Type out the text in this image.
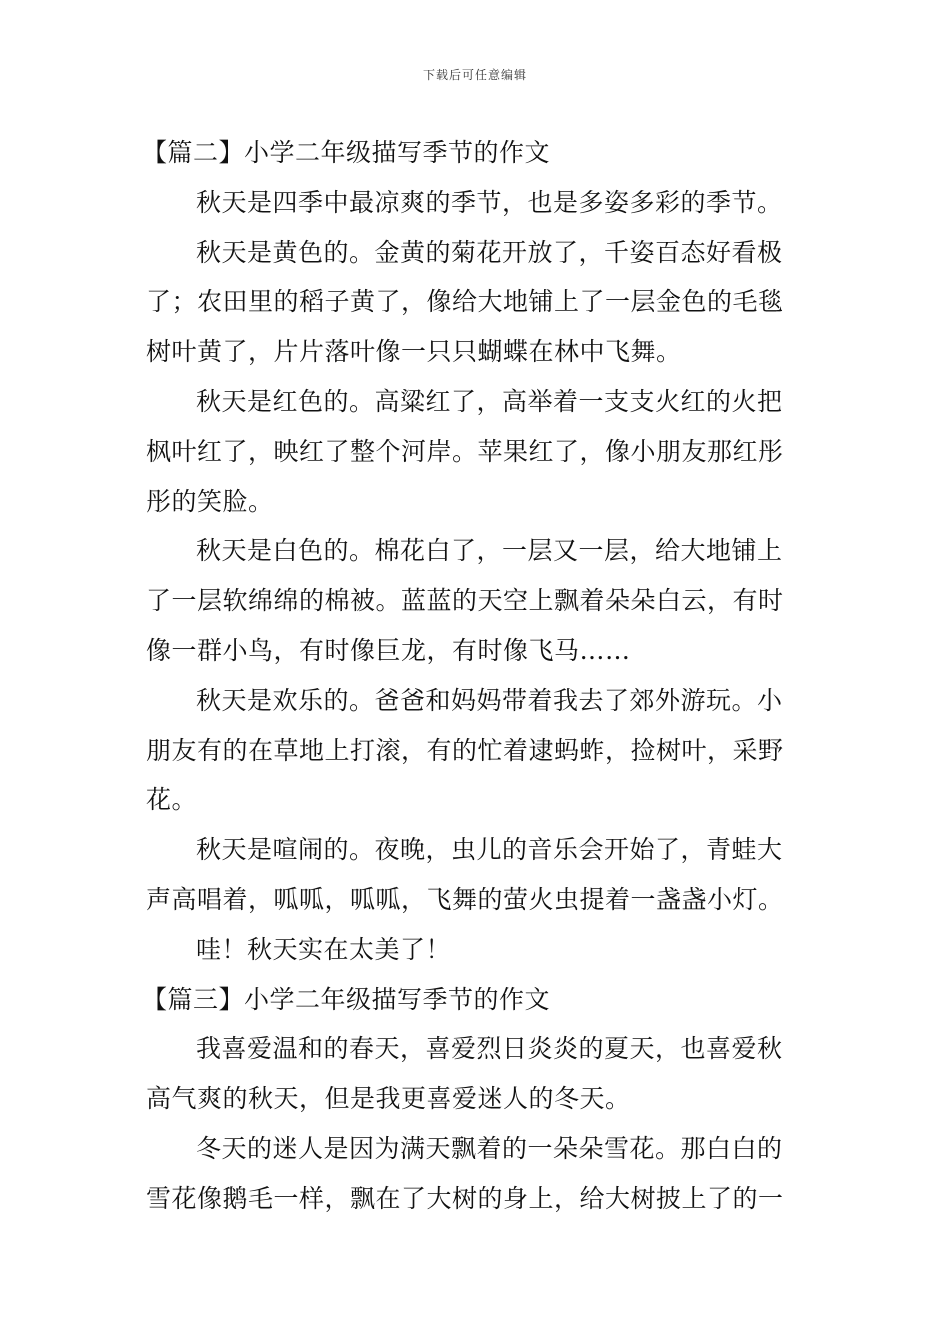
下载后可任意编辑
【篇二】小学二年级描写季节的作文
秋天是四季中最凉爽的季节，也是多姿多彩的季节。
秋天是黄色的。金黄的菊花开放了，千姿百态好看极
了；农田里的稻子黄了，像给大地铺上了一层金色的毛毯
树叶黄了，片片落叶像一只只蝴蝶在林中飞舞。
秋天是红色的。高粱红了，高举着一支支火红的火把
枫叶红了，映红了整个河岸。苹果红了，像小朋友那红彤
彤的笑脸。
秋天是白色的。棉花白了，一层又一层，给大地铺上
了一层软绵绵的棉被。蓝蓝的天空上飘着朵朵白云，有时
像一群小鸟，有时像巨龙，有时像飞马……
秋天是欢乐的。爸爸和妈妈带着我去了郊外游玩。小
朋友有的在草地上打滚，有的忙着逮蚂蚱，捡树叶，采野
花。
秋天是喧闹的。夜晚，虫儿的音乐会开始了，青蛙大
声高唱着，呱呱，呱呱，飞舞的萤火虫提着一盏盏小灯。
哇！秋天实在太美了！
【篇三】小学二年级描写季节的作文
我喜爱温和的春天，喜爱烈日炎炎的夏天，也喜爱秋
高气爽的秋天，但是我更喜爱迷人的冬天。
冬天的迷人是因为满天飘着的一朵朵雪花。那白白的
雪花像鹅毛一样，飘在了大树的身上，给大树披上了的一
